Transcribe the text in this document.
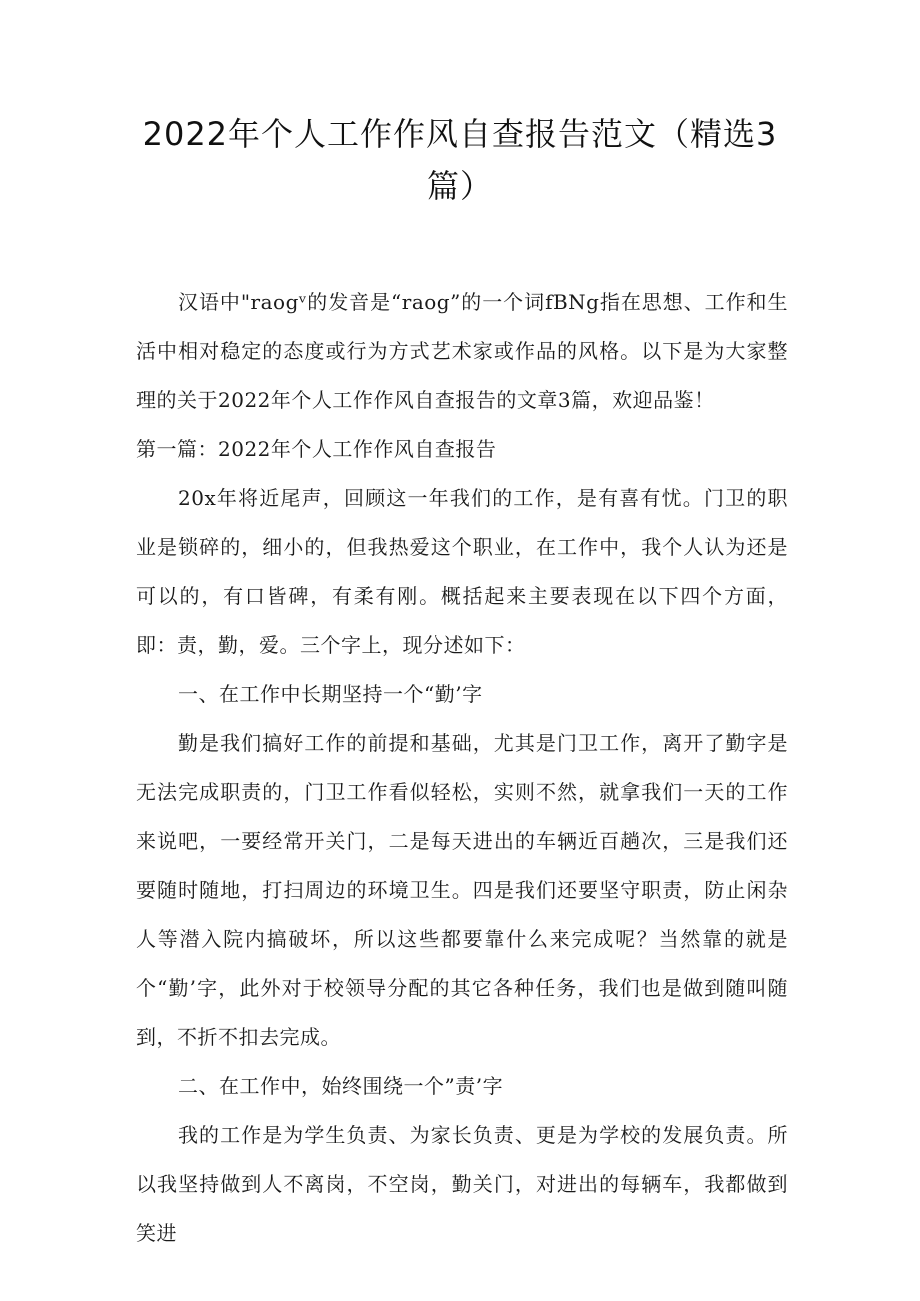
2022年个人工作作风自查报告范文（精选3
篇）

汉语中"raogᵛ的发音是“raog”的一个词fBNg指在思想、工作和生活中相对稳定的态度或行为方式艺术家或作品的风格。以下是为大家整理的关于2022年个人工作作风自查报告的文章3篇，欢迎品鉴！

第一篇：2022年个人工作作风自查报告

20x年将近尾声，回顾这一年我们的工作，是有喜有忧。门卫的职业是锁碎的，细小的，但我热爱这个职业，在工作中，我个人认为还是可以的，有口皆碑，有柔有刚。概括起来主要表现在以下四个方面，即：责，勤，爱。三个字上，现分述如下：

一、在工作中长期坚持一个“勤’字

勤是我们搞好工作的前提和基础，尤其是门卫工作，离开了勤字是无法完成职责的，门卫工作看似轻松，实则不然，就拿我们一天的工作来说吧，一要经常开关门，二是每天进出的车辆近百趟次，三是我们还要随时随地，打扫周边的环境卫生。四是我们还要坚守职责，防止闲杂人等潜入院内搞破坏，所以这些都要靠什么来完成呢？当然靠的就是个“勤’字，此外对于校领导分配的其它各种任务，我们也是做到随叫随到，不折不扣去完成。

二、在工作中，始终围绕一个”责’字

我的工作是为学生负责、为家长负责、更是为学校的发展负责。所以我坚持做到人不离岗，不空岗，勤关门，对进出的每辆车，我都做到笑进
